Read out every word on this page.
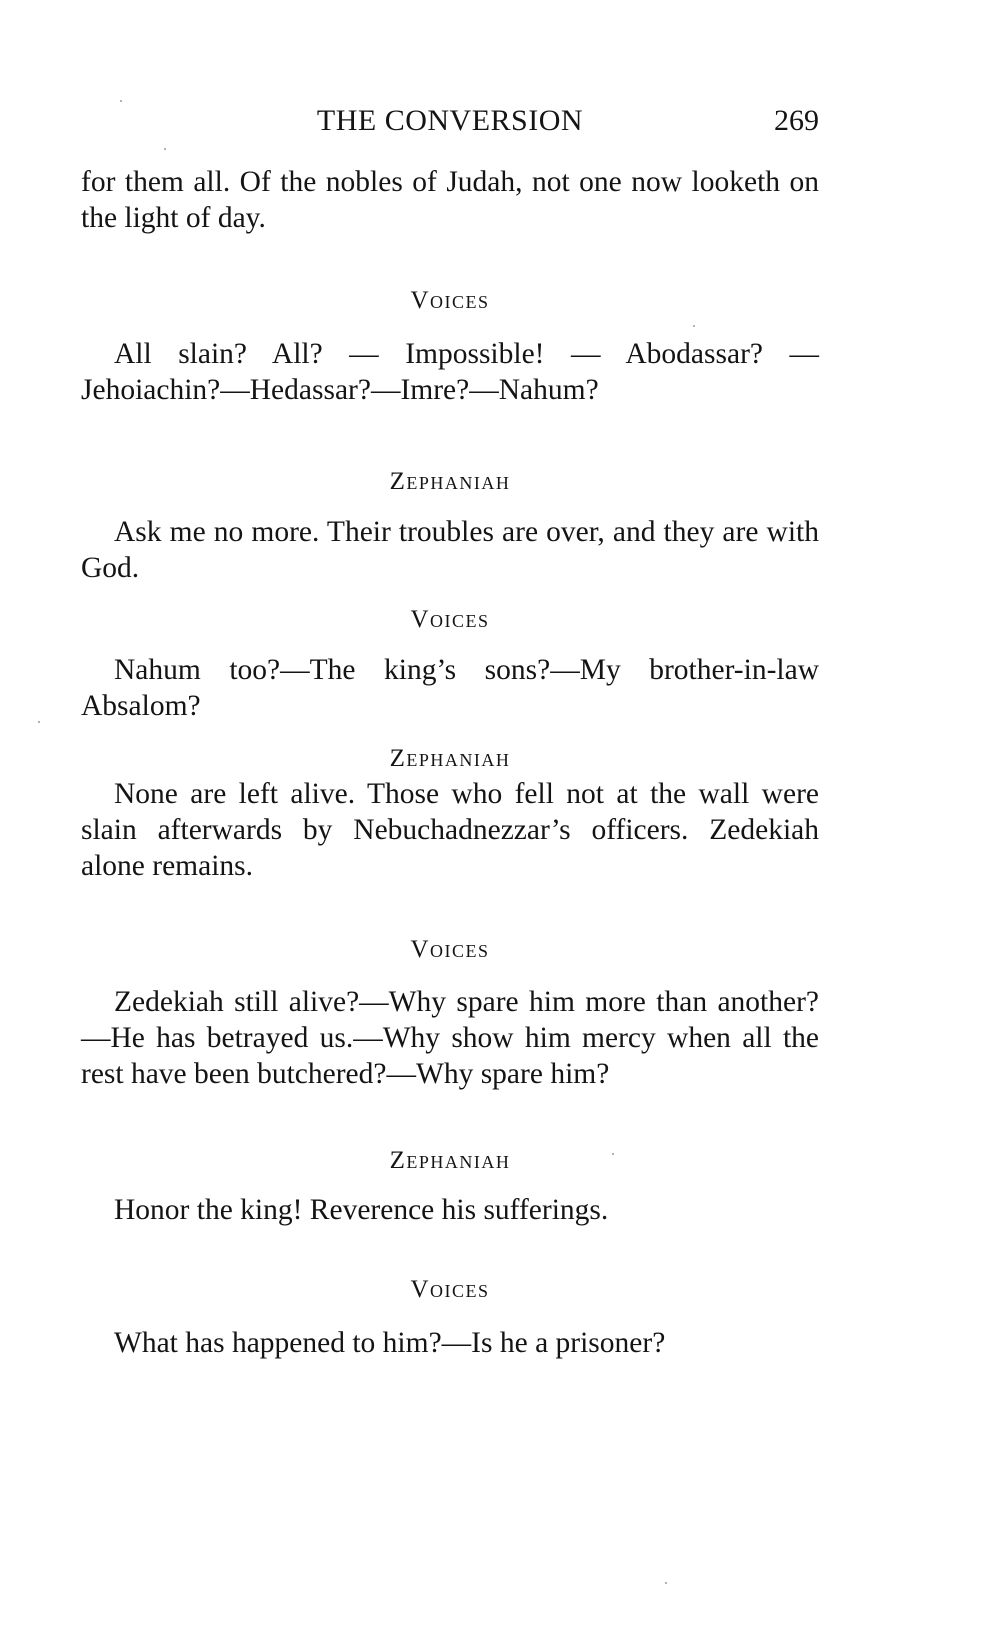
THE CONVERSION	269

for them all. Of the nobles of Judah, not one now looketh on the light of day.

Voices

All slain? All? — Impossible! — Abodassar? — Jehoiachin?—Hedassar?—Imre?—Nahum?

Zephaniah

Ask me no more. Their troubles are over, and they are with God.

Voices

Nahum too?—The king’s sons?—My brother-in-law Absalom?

Zephaniah

None are left alive. Those who fell not at the wall were slain afterwards by Nebuchadnezzar’s officers. Zedekiah alone remains.

Voices

Zedekiah still alive?—Why spare him more than another?—He has betrayed us.—Why show him mercy when all the rest have been butchered?—Why spare him?

Zephaniah

Honor the king! Reverence his sufferings.

Voices

What has happened to him?—Is he a prisoner?
